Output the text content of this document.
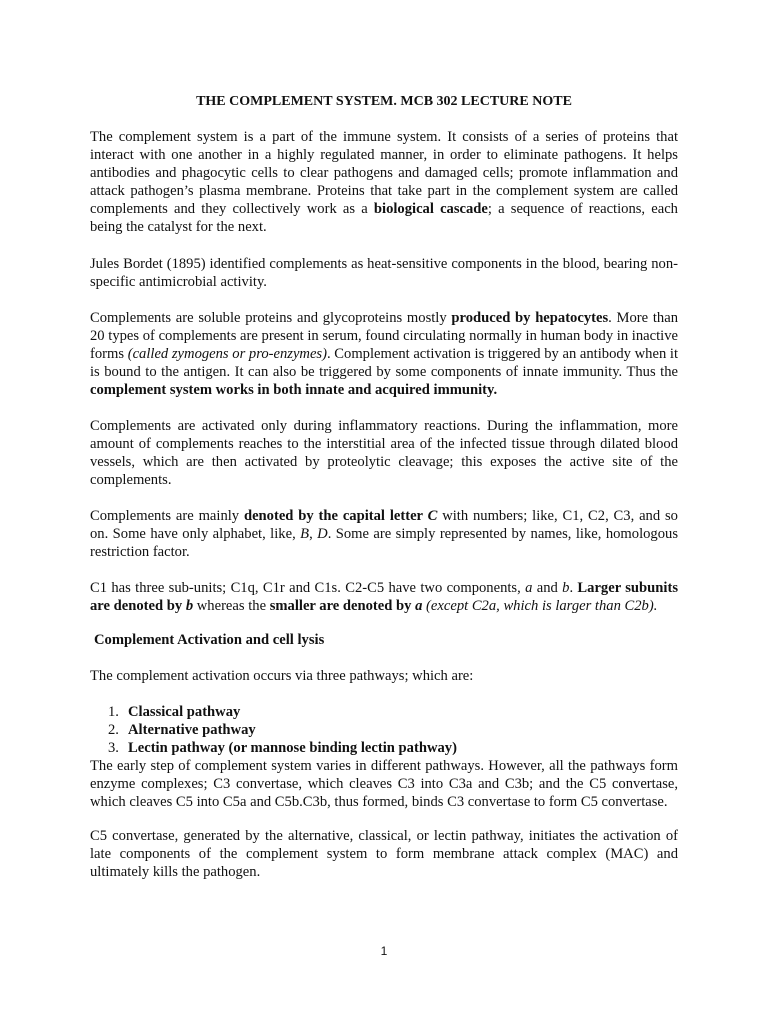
THE COMPLEMENT SYSTEM. MCB 302 LECTURE NOTE

The complement system is a part of the immune system. It consists of a series of proteins that interact with one another in a highly regulated manner, in order to eliminate pathogens. It helps antibodies and phagocytic cells to clear pathogens and damaged cells; promote inflammation and attack pathogen’s plasma membrane. Proteins that take part in the complement system are called complements and they collectively work as a biological cascade; a sequence of reactions, each being the catalyst for the next.

Jules Bordet (1895) identified complements as heat-sensitive components in the blood, bearing non-specific antimicrobial activity.

Complements are soluble proteins and glycoproteins mostly produced by hepatocytes. More than 20 types of complements are present in serum, found circulating normally in human body in inactive forms (called zymogens or pro-enzymes). Complement activation is triggered by an antibody when it is bound to the antigen. It can also be triggered by some components of innate immunity. Thus the complement system works in both innate and acquired immunity.

Complements are activated only during inflammatory reactions. During the inflammation, more amount of complements reaches to the interstitial area of the infected tissue through dilated blood vessels, which are then activated by proteolytic cleavage; this exposes the active site of the complements.

Complements are mainly denoted by the capital letter C with numbers; like, C1, C2, C3, and so on. Some have only alphabet, like, B, D. Some are simply represented by names, like, homologous restriction factor.

C1 has three sub-units; C1q, C1r and C1s. C2-C5 have two components, a and b. Larger subunits are denoted by b whereas the smaller are denoted by a (except C2a, which is larger than C2b).

Complement Activation and cell lysis

The complement activation occurs via three pathways; which are:

1. Classical pathway
2. Alternative pathway
3. Lectin pathway (or mannose binding lectin pathway)

The early step of complement system varies in different pathways. However, all the pathways form enzyme complexes; C3 convertase, which cleaves C3 into C3a and C3b; and the C5 convertase, which cleaves C5 into C5a and C5b.C3b, thus formed, binds C3 convertase to form C5 convertase.

C5 convertase, generated by the alternative, classical, or lectin pathway, initiates the activation of late components of the complement system to form membrane attack complex (MAC) and ultimately kills the pathogen.

1
